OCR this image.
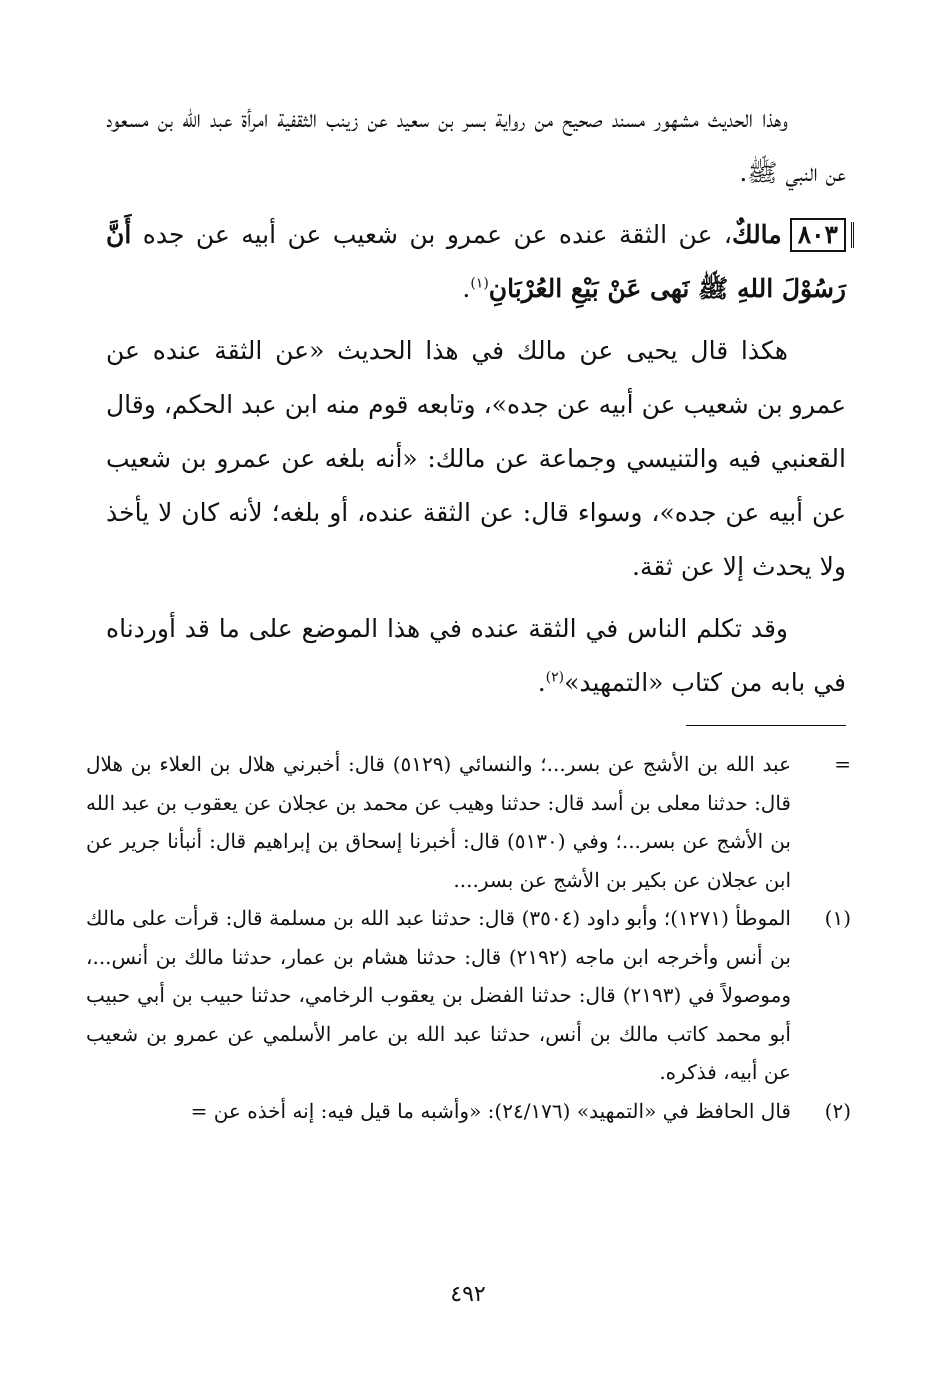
وهذا الحديث مشهور مسند صحيح من رواية بسر بن سعيد عن زينب الثقفية امرأة عبد الله بن مسعود عن النبي ﷺ.

٨٠٣مالكٌ، عن الثقة عنده عن عمرو بن شعيب عن أبيه عن جده أَنَّ رَسُوْلَ اللهِ ﷺ نَهى عَنْ بَيْعِ العُرْبَانِ$^{(١)}$.

هكذا قال يحيى عن مالك في هذا الحديث «عن الثقة عنده عن عمرو بن شعيب عن أبيه عن جده»، وتابعه قوم منه ابن عبد الحكم، وقال القعنبي فيه والتنيسي وجماعة عن مالك: «أنه بلغه عن عمرو بن شعيب عن أبيه عن جده»، وسواء قال: عن الثقة عنده، أو بلغه؛ لأنه كان لا يأخذ ولا يحدث إلا عن ثقة.

وقد تكلم الناس في الثقة عنده في هذا الموضع على ما قد أوردناه في بابه من كتاب «التمهيد»$^{(٢)}$.

=
عبد الله بن الأشج عن بسر...؛ والنسائي (٥١٢٩) قال: أخبرني هلال بن العلاء بن هلال قال: حدثنا معلى بن أسد قال: حدثنا وهيب عن محمد بن عجلان عن يعقوب بن عبد الله بن الأشج عن بسر...؛ وفي (٥١٣٠) قال: أخبرنا إسحاق بن إبراهيم قال: أنبأنا جرير عن ابن عجلان عن بكير بن الأشج عن بسر....
(١)
الموطأ (١٢٧١)؛ وأبو داود (٣٥٠٤) قال: حدثنا عبد الله بن مسلمة قال: قرأت على مالك بن أنس وأخرجه ابن ماجه (٢١٩٢) قال: حدثنا هشام بن عمار، حدثنا مالك بن أنس...، وموصولاً في (٢١٩٣) قال: حدثنا الفضل بن يعقوب الرخامي، حدثنا حبيب بن أبي حبيب أبو محمد كاتب مالك بن أنس، حدثنا عبد الله بن عامر الأسلمي عن عمرو بن شعيب عن أبيه، فذكره.
(٢)
قال الحافظ في «التمهيد» (٢٤/١٧٦): «وأشبه ما قيل فيه: إنه أخذه عن =
٤٩٢
